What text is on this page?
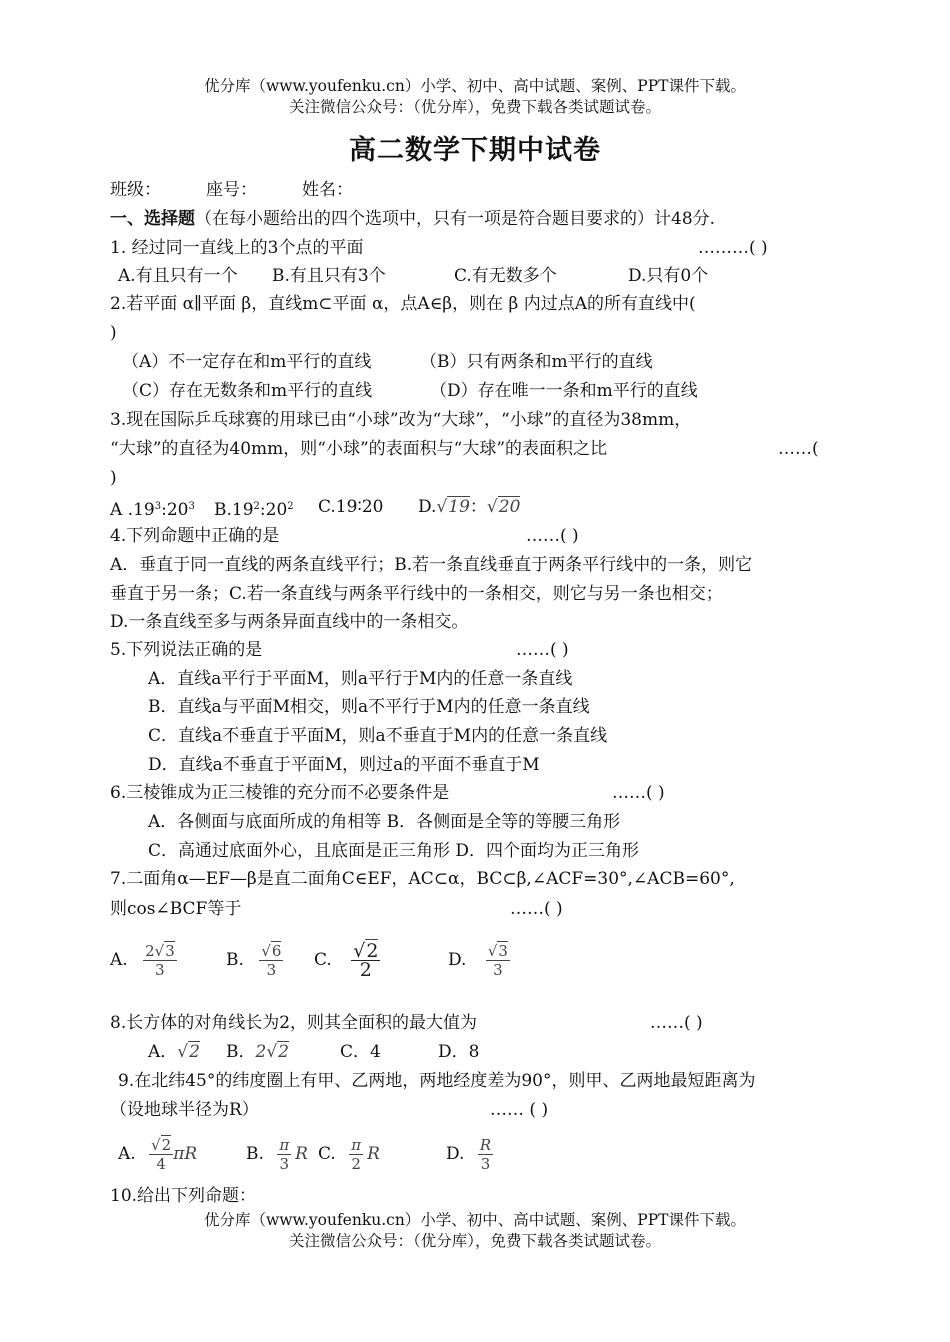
优分库（www.youfenku.cn）小学、初中、高中试题、案例、PPT课件下载。
关注微信公众号：（优分库），免费下载各类试题试卷。
高二数学下期中试卷
班级：	座号：	姓名：
一、选择题（在每小题给出的四个选项中，只有一项是符合题目要求的）计48分.
1. 经过同一直线上的3个点的平面	………( )
A.有且只有一个 B.有且只有3个	C.有无数多个	D.只有0个
2.若平面 α∥平面 β，直线m⊂平面 α，点A∈β，则在 β 内过点A的所有直线中(
)
（A）不一定存在和m平行的直线	（B）只有两条和m平行的直线
（C）存在无数条和m平行的直线	（D）存在唯一一条和m平行的直线
3.现在国际乒乓球赛的用球已由“小球”改为“大球”，“小球”的直径为38mm，
“大球”的直径为40mm，则“小球”的表面积与“大球”的表面积之比	……(
)
A $.19^3:20^3$ $B.19^2:20^2$ C.19∶20 D.√19：√20
4.下列命题中正确的是	……( )
A．垂直于同一直线的两条直线平行；B.若一条直线垂直于两条平行线中的一条，则它
垂直于另一条；C.若一条直线与两条平行线中的一条相交，则它与另一条也相交；
D.一条直线至多与两条异面直线中的一条相交。
5.下列说法正确的是	……( )
A．直线a平行于平面M，则a平行于M内的任意一条直线
B．直线a与平面M相交，则a不平行于M内的任意一条直线
C．直线a不垂直于平面M，则a不垂直于M内的任意一条直线
D．直线a不垂直于平面M，则过a的平面不垂直于M
6.三棱锥成为正三棱锥的充分而不必要条件是	……( )
A．各侧面与底面所成的角相等 B．各侧面是全等的等腰三角形
C．高通过底面外心，且底面是正三角形 D．四个面均为正三角形
7.二面角α—EF—β是直二面角C∈EF，AC⊂α，BC⊂β,∠ACF=30°,∠ACB=60°,
则cos∠BCF等于	……( )
A. $\frac{2√3}{3}$	B. $\frac{√6}{3} C$. $\frac{√2}{2}$	D. $\frac{√3}{3}$
8.长方体的对角线长为2，则其全面积的最大值为	……( )
A．√2 B．2√2	C．4	D．8
9.在北纬45°的纬度圈上有甲、乙两地，两地经度差为90°，则甲、乙两地最短距离为
（设地球半径为R）	…… ( )
A. $\frac{√2}{4}$ πR	B. $\frac{\pi}{3}$ R C. $\frac{\pi}{2}$ R	D. $\frac{R}{3}$
10.给出下列命题：
优分库（www.youfenku.cn）小学、初中、高中试题、案例、PPT课件下载。
关注微信公众号：（优分库），免费下载各类试题试卷。
